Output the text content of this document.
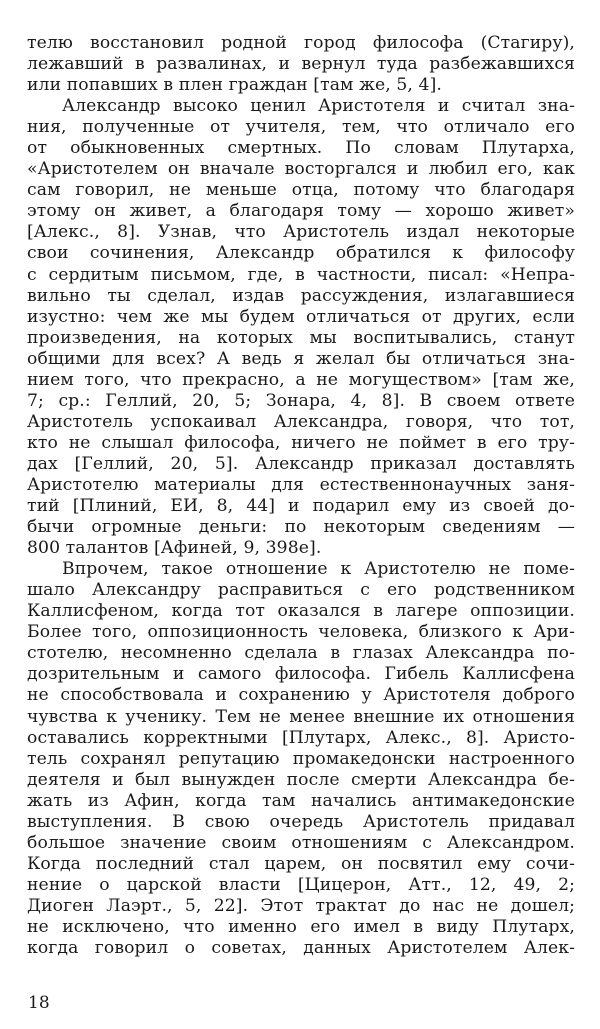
телю восстановил родной город философа (Стагиру),
лежавший в развалинах, и вернул туда разбежавшихся
или попавших в плен граждан [там же, 5, 4].
Александр высоко ценил Аристотеля и считал зна-
ния, полученные от учителя, тем, что отличало его
от обыкновенных смертных. По словам Плутарха,
«Аристотелем он вначале восторгался и любил его, как
сам говорил, не меньше отца, потому что благодаря
этому он живет, а благодаря тому — хорошо живет»
[Алекс., 8]. Узнав, что Аристотель издал некоторые
свои сочинения, Александр обратился к философу
с сердитым письмом, где, в частности, писал: «Непра-
вильно ты сделал, издав рассуждения, излагавшиеся
изустно: чем же мы будем отличаться от других, если
произведения, на которых мы воспитывались, станут
общими для всех? А ведь я желал бы отличаться зна-
нием того, что прекрасно, а не могуществом» [там же,
7; ср.: Геллий, 20, 5; Зонара, 4, 8]. В своем ответе
Аристотель успокаивал Александра, говоря, что тот,
кто не слышал философа, ничего не поймет в его тру-
дах [Геллий, 20, 5]. Александр приказал доставлять
Аристотелю материалы для естественнонаучных заня-
тий [Плиний, ЕИ, 8, 44] и подарил ему из своей до-
бычи огромные деньги: по некоторым сведениям —
800 талантов [Афиней, 9, 398e].
Впрочем, такое отношение к Аристотелю не поме-
шало Александру расправиться с его родственником
Каллисфеном, когда тот оказался в лагере оппозиции.
Более того, оппозиционность человека, близкого к Ари-
стотелю, несомненно сделала в глазах Александра по-
дозрительным и самого философа. Гибель Каллисфена
не способствовала и сохранению у Аристотеля доброго
чувства к ученику. Тем не менее внешние их отношения
оставались корректными [Плутарх, Алекс., 8]. Аристо-
тель сохранял репутацию промакедонски настроенного
деятеля и был вынужден после смерти Александра бе-
жать из Афин, когда там начались антимакедонские
выступления. В свою очередь Аристотель придавал
большое значение своим отношениям с Александром.
Когда последний стал царем, он посвятил ему сочи-
нение о царской власти [Цицерон, Атт., 12, 49, 2;
Диоген Лаэрт., 5, 22]. Этот трактат до нас не дошел;
не исключено, что именно его имел в виду Плутарх,
когда говорил о советах, данных Аристотелем Алек-
18
